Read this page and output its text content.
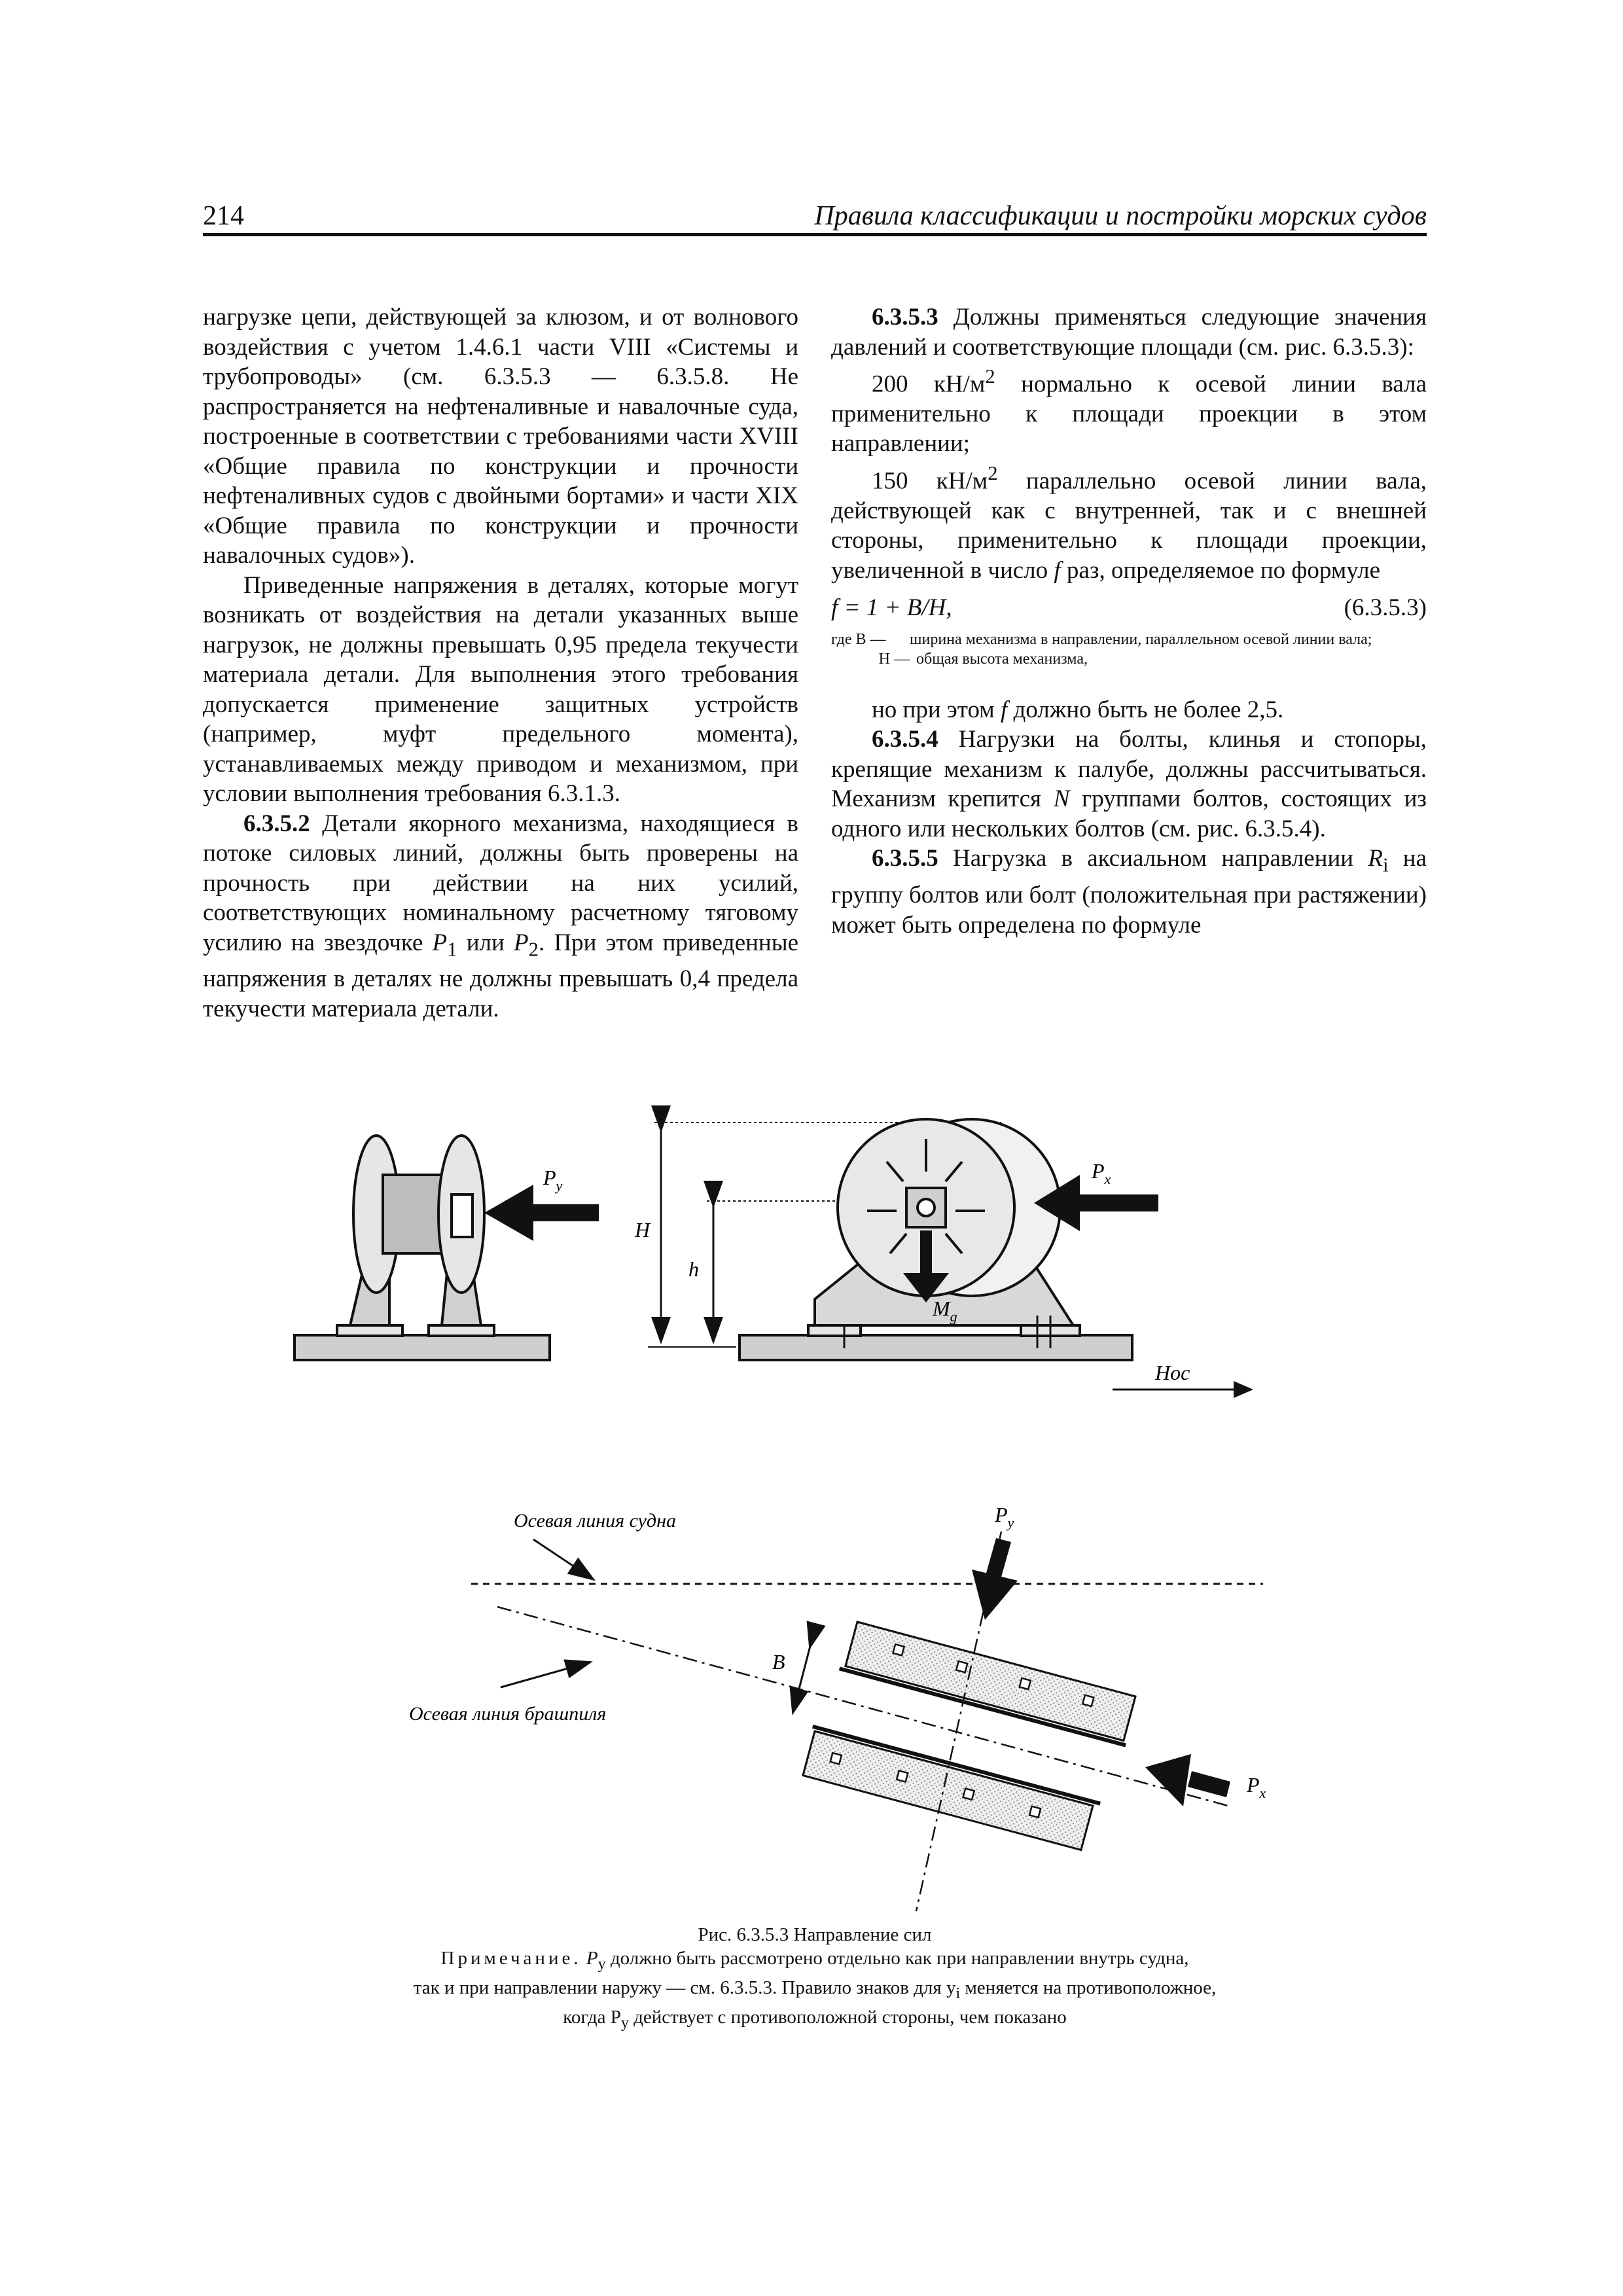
214	Правила классификации и постройки морских судов

нагрузке цепи, действующей за клюзом, и от волнового воздействия с учетом 1.4.6.1 части VIII «Системы и трубопроводы» (см. 6.3.5.3 — 6.3.5.8. Не распространяется на нефтеналивные и навалочные суда, построенные в соответствии с требованиями части XVIII «Общие правила по конструкции и прочности нефтеналивных судов с двойными бортами» и части XIX «Общие правила по конструкции и прочности навалочных судов»).

Приведенные напряжения в деталях, которые могут возникать от воздействия на детали указанных выше нагрузок, не должны превышать 0,95 предела текучести материала детали. Для выполнения этого требования допускается применение защитных устройств (например, муфт предельного момента), устанавливаемых между приводом и механизмом, при условии выполнения требования 6.3.1.3.

6.3.5.2 Детали якорного механизма, находящиеся в потоке силовых линий, должны быть проверены на прочность при действии на них усилий, соответствующих номинальному расчетному тяговому усилию на звездочке $P_1$ или $P_2$. При этом приведенные напряжения в деталях не должны превышать 0,4 предела текучести материала детали.

6.3.5.3 Должны применяться следующие значения давлений и соответствующие площади (см. рис. 6.3.5.3):

200 $кН/м^2$ нормально к осевой линии вала применительно к площади проекции в этом направлении;

150 $кН/м^2$ параллельно осевой линии вала, действующей как с внутренней, так и с внешней стороны, применительно к площади проекции, увеличенной в число f раз, определяемое по формуле

f = 1 + B/H,	(6.3.5.3)
где B —	ширина механизма в направлении, параллельном осевой линии вала;
H — общая высота механизма,

но при этом f должно быть не более 2,5.

6.3.5.4 Нагрузки на болты, клинья и стопоры, крепящие механизм к палубе, должны рассчитываться. Механизм крепится N группами болтов, состоящих из одного или нескольких болтов (см. рис. 6.3.5.4).

6.3.5.5 Нагрузка в аксиальном направлении $R_i$ на группу болтов или болт (положительная при растяжении) может быть определена по формуле

$P_y$
H
h
$M_g$
$P_x$
Нос
Осевая линия судна
Осевая линия брашпиля
B
$P_y$
$P_x$
Рис. 6.3.5.3 Направление сил
Примечание. $P_y$ должно быть рассмотрено отдельно как при направлении внутрь судна,
так и при направлении наружу — см. 6.3.5.3. Правило знаков для $y_i$ меняется на противоположное,
когда $P_y$ действует с противоположной стороны, чем показано
